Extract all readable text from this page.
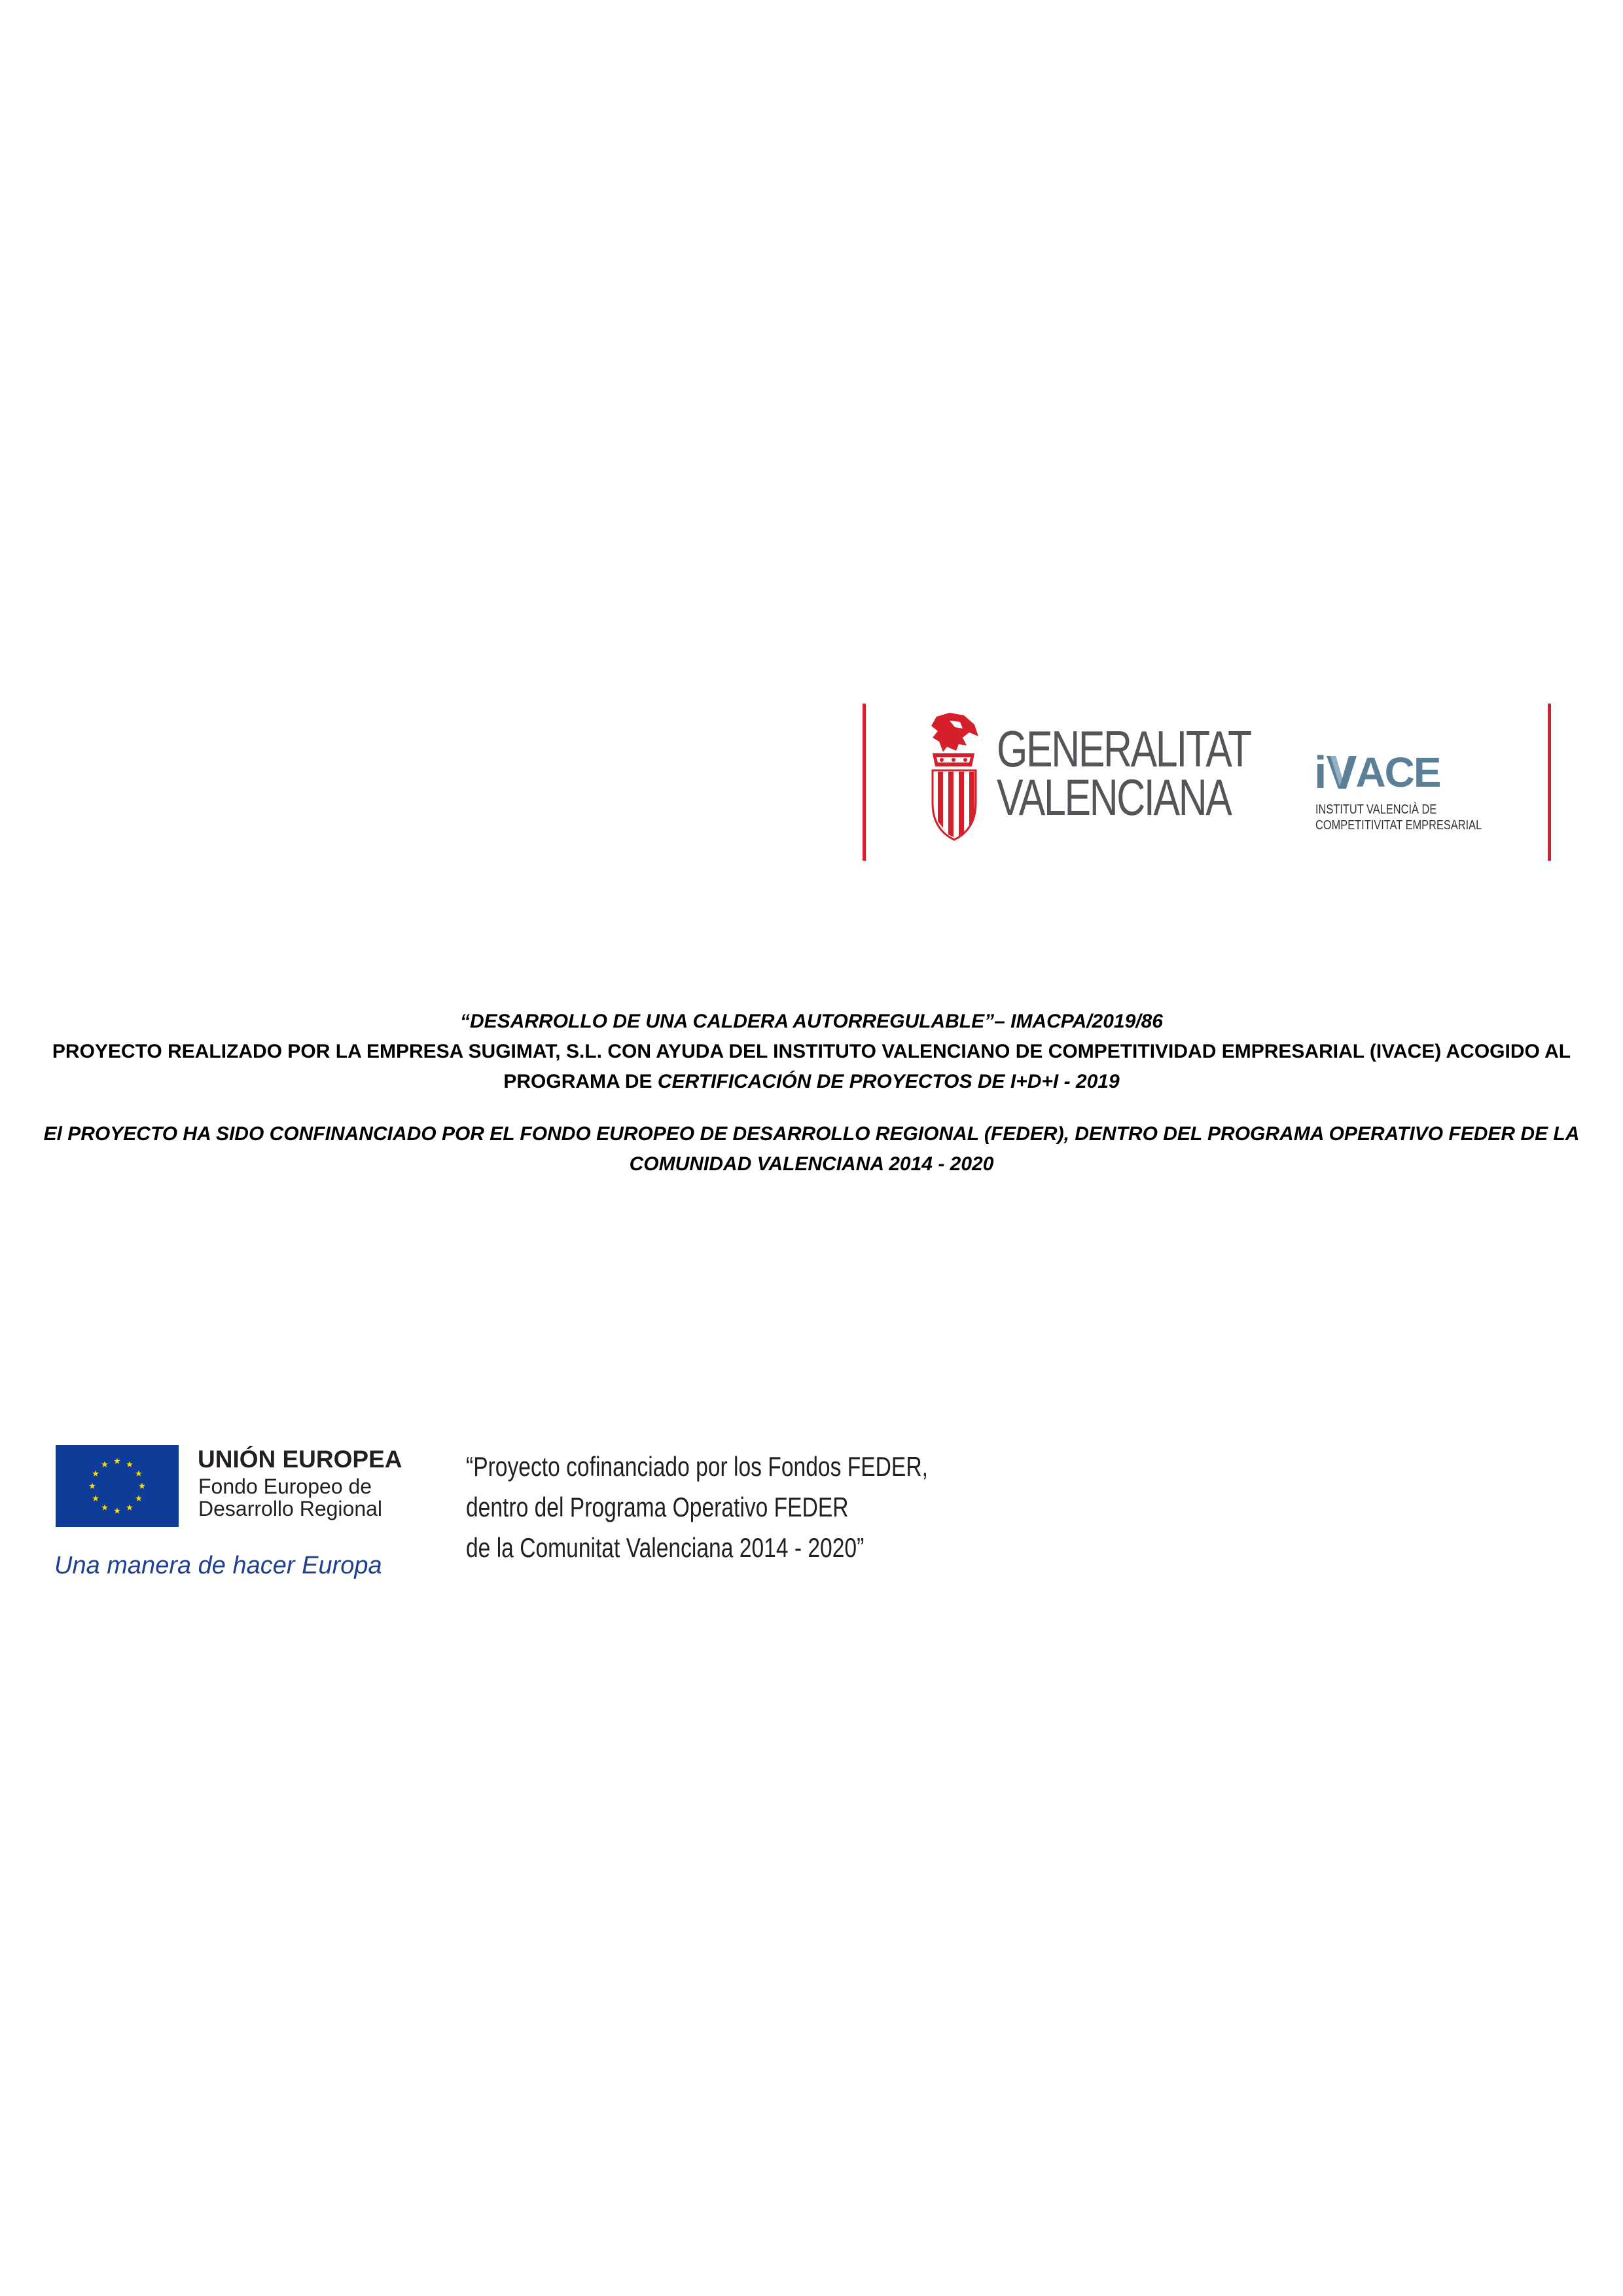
GENERALITAT
VALENCIANA	i ACE
INSTITUT VALENCIÀ DE
COMPETITIVITAT EMPRESARIAL
“DESARROLLO DE UNA CALDERA AUTORREGULABLE”– IMACPA/2019/86
PROYECTO REALIZADO POR LA EMPRESA SUGIMAT, S.L. CON AYUDA DEL INSTITUTO VALENCIANO DE COMPETITIVIDAD EMPRESARIAL (IVACE) ACOGIDO AL
PROGRAMA DE CERTIFICACIÓN DE PROYECTOS DE I+D+I - 2019
El PROYECTO HA SIDO CONFINANCIADO POR EL FONDO EUROPEO DE DESARROLLO REGIONAL (FEDER), DENTRO DEL PROGRAMA OPERATIVO FEDER DE LA
COMUNIDAD VALENCIANA 2014 - 2020
UNIÓN EUROPEA
Fondo Europeo de
Desarrollo Regional
Una manera de hacer Europa
“Proyecto cofinanciado por los Fondos FEDER,
dentro del Programa Operativo FEDER
de la Comunitat Valenciana 2014 - 2020”
